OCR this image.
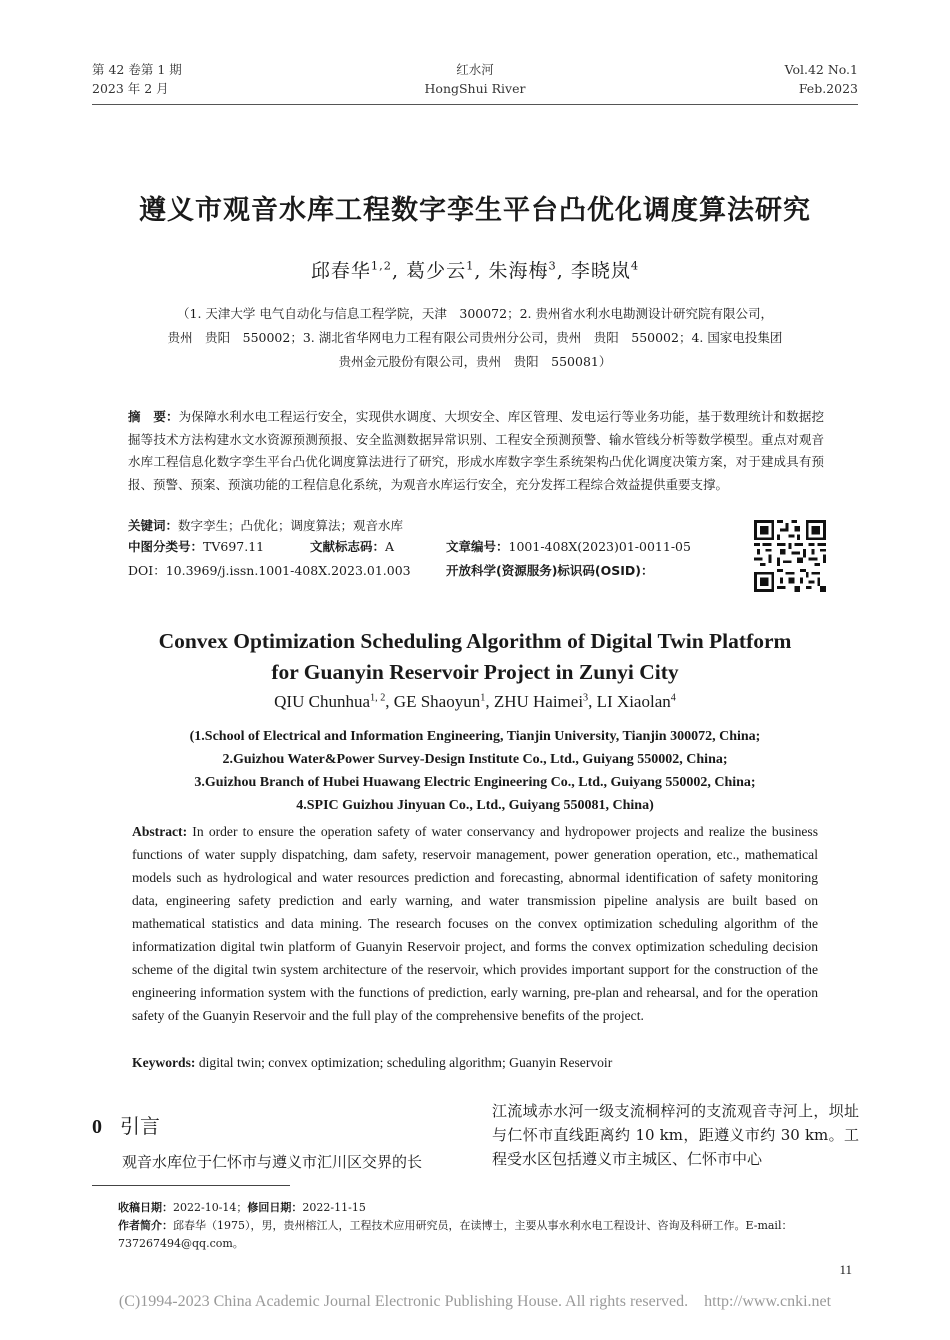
第 42 卷第 1 期
2023 年 2 月
红水河
HongShui River
Vol.42 No.1
Feb.2023
遵义市观音水库工程数字孪生平台凸优化调度算法研究
邱春华$^{1,2}$, 葛少云$^1$, 朱海梅$^3$, 李晓岚$^4$
（1. 天津大学 电气自动化与信息工程学院，天津　300072；2. 贵州省水利水电勘测设计研究院有限公司，
贵州　贵阳　550002；3. 湖北省华网电力工程有限公司贵州分公司，贵州　贵阳　550002；4. 国家电投集团
贵州金元股份有限公司，贵州　贵阳　550081）
摘　要：为保障水利水电工程运行安全，实现供水调度、大坝安全、库区管理、发电运行等业务功能，基于数理统计和数据挖掘等技术方法构建水文水资源预测预报、安全监测数据异常识别、工程安全预测预警、输水管线分析等数学模型。重点对观音水库工程信息化数字孪生平台凸优化调度算法进行了研究，形成水库数字孪生系统架构凸优化调度决策方案，对于建成具有预报、预警、预案、预演功能的工程信息化系统，为观音水库运行安全，充分发挥工程综合效益提供重要支撑。
关键词：数字孪生；凸优化；调度算法；观音水库
中图分类号：TV697.11	文献标志码：A	文章编号：1001-408X(2023)01-0011-05
DOI：10.3969/j.issn.1001-408X.2023.01.003	开放科学(资源服务)标识码(OSID)：
Convex Optimization Scheduling Algorithm of Digital Twin Platform
for Guanyin Reservoir Project in Zunyi City
QIU Chunhua$^{1, 2}$, GE Shaoyun$^1$, ZHU Haimei$^3$, LI Xiaolan$^4$
(1.School of Electrical and Information Engineering, Tianjin University, Tianjin 300072, China;
2.Guizhou Water&Power Survey-Design Institute Co., Ltd., Guiyang 550002, China;
3.Guizhou Branch of Hubei Huawang Electric Engineering Co., Ltd., Guiyang 550002, China;
4.SPIC Guizhou Jinyuan Co., Ltd., Guiyang 550081, China)
Abstract: In order to ensure the operation safety of water conservancy and hydropower projects and realize the business functions of water supply dispatching, dam safety, reservoir management, power generation operation, etc., mathematical models such as hydrological and water resources prediction and forecasting, abnormal identification of safety monitoring data, engineering safety prediction and early warning, and water transmission pipeline analysis are built based on mathematical statistics and data mining. The research focuses on the convex optimization scheduling algorithm of the informatization digital twin platform of Guanyin Reservoir project, and forms the convex optimization scheduling decision scheme of the digital twin system architecture of the reservoir, which provides important support for the construction of the engineering information system with the functions of prediction, early warning, pre-plan and rehearsal, and for the operation safety of the Guanyin Reservoir and the full play of the comprehensive benefits of the project.
Keywords: digital twin; convex optimization; scheduling algorithm; Guanyin Reservoir
0 引言
观音水库位于仁怀市与遵义市汇川区交界的长
江流域赤水河一级支流桐梓河的支流观音寺河上，坝址与仁怀市直线距离约 10 km，距遵义市约 30 km。工程受水区包括遵义市主城区、仁怀市中心
收稿日期：2022-10-14；修回日期：2022-11-15
作者简介：邱春华（1975），男，贵州榕江人，工程技术应用研究员，在读博士，主要从事水利水电工程设计、咨询及科研工作。E-mail：737267494@qq.com。
11
(C)1994-2023 China Academic Journal Electronic Publishing House. All rights reserved.    http://www.cnki.net
